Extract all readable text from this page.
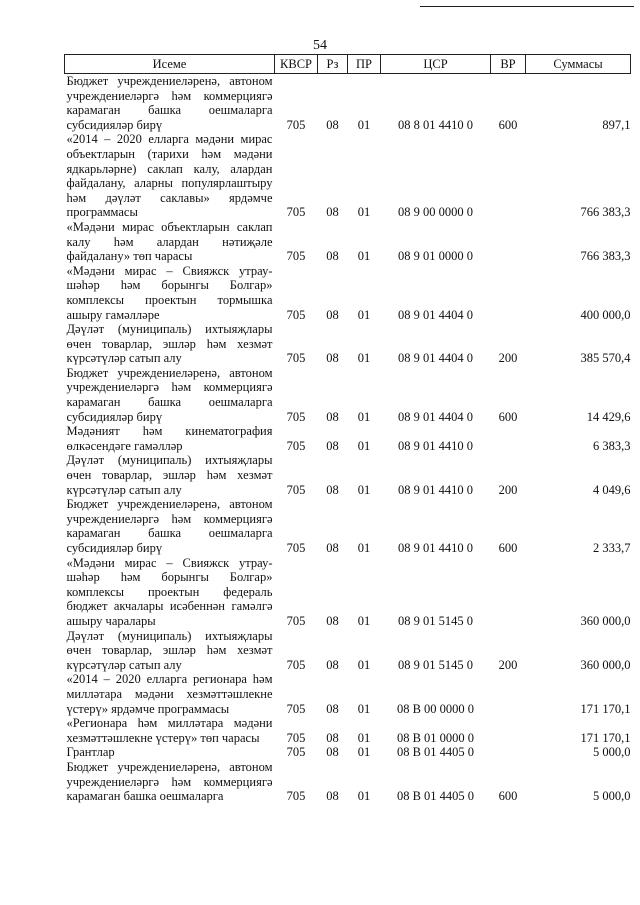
54
Исеме	КВСР	Рз	ПР	ЦСР	ВР	Суммасы
Бюджет учреждениеләренә, автоном учреждениеләргә һәм коммерциягә карамаган башка оешмаларга субсидияләр бирү	705	08	01	08 8 01 4410 0	600	897,1
«2014 – 2020 елларга мәдәни мирас объектларын (тарихи һәм мәдәни ядкарьләрне) саклап калу, алардан файдалану, аларны популярлаштыру һәм дәүләт саклавы» ярдәмче программасы	705	08	01	08 9 00 0000 0		766 383,3
«Мәдәни мирас объектларын саклап калу һәм алардан нәтиҗәле файдалану» төп чарасы	705	08	01	08 9 01 0000 0		766 383,3
«Мәдәни мирас – Свияжск утрау-шәһәр һәм борынгы Болгар» комплексы проектын тормышка ашыру гамәлләре	705	08	01	08 9 01 4404 0		400 000,0
Дәүләт (муниципаль) ихтыяҗлары өчен товарлар, эшләр һәм хезмәт күрсәтүләр сатып алу	705	08	01	08 9 01 4404 0	200	385 570,4
Бюджет учреждениеләренә, автоном учреждениеләргә һәм коммерциягә карамаган башка оешмаларга субсидияләр бирү	705	08	01	08 9 01 4404 0	600	14 429,6
Мәдәният һәм кинематография өлкәсендәге гамәлләр	705	08	01	08 9 01 4410 0		6 383,3
Дәүләт (муниципаль) ихтыяҗлары өчен товарлар, эшләр һәм хезмәт күрсәтүләр сатып алу	705	08	01	08 9 01 4410 0	200	4 049,6
Бюджет учреждениеләренә, автоном учреждениеләргә һәм коммерциягә карамаган башка оешмаларга субсидияләр бирү	705	08	01	08 9 01 4410 0	600	2 333,7
«Мәдәни мирас – Свияжск утрау-шәһәр һәм борынгы Болгар» комплексы проектын федераль бюджет акчалары исәбеннән гамәлгә ашыру чаралары	705	08	01	08 9 01 5145 0		360 000,0
Дәүләт (муниципаль) ихтыяҗлары өчен товарлар, эшләр һәм хезмәт күрсәтүләр сатып алу	705	08	01	08 9 01 5145 0	200	360 000,0
«2014 – 2020 елларга регионара һәм милләтара мәдәни хезмәттәшлекне үстерү» ярдәмче программасы	705	08	01	08 В 00 0000 0		171 170,1
«Регионара һәм милләтара мәдәни хезмәттәшлекне үстерү» төп чарасы	705	08	01	08 В 01 0000 0		171 170,1
Грантлар	705	08	01	08 В 01 4405 0		5 000,0
Бюджет учреждениеләренә, автоном учреждениеләргә һәм коммерциягә карамаган башка оешмаларга	705	08	01	08 В 01 4405 0	600	5 000,0
